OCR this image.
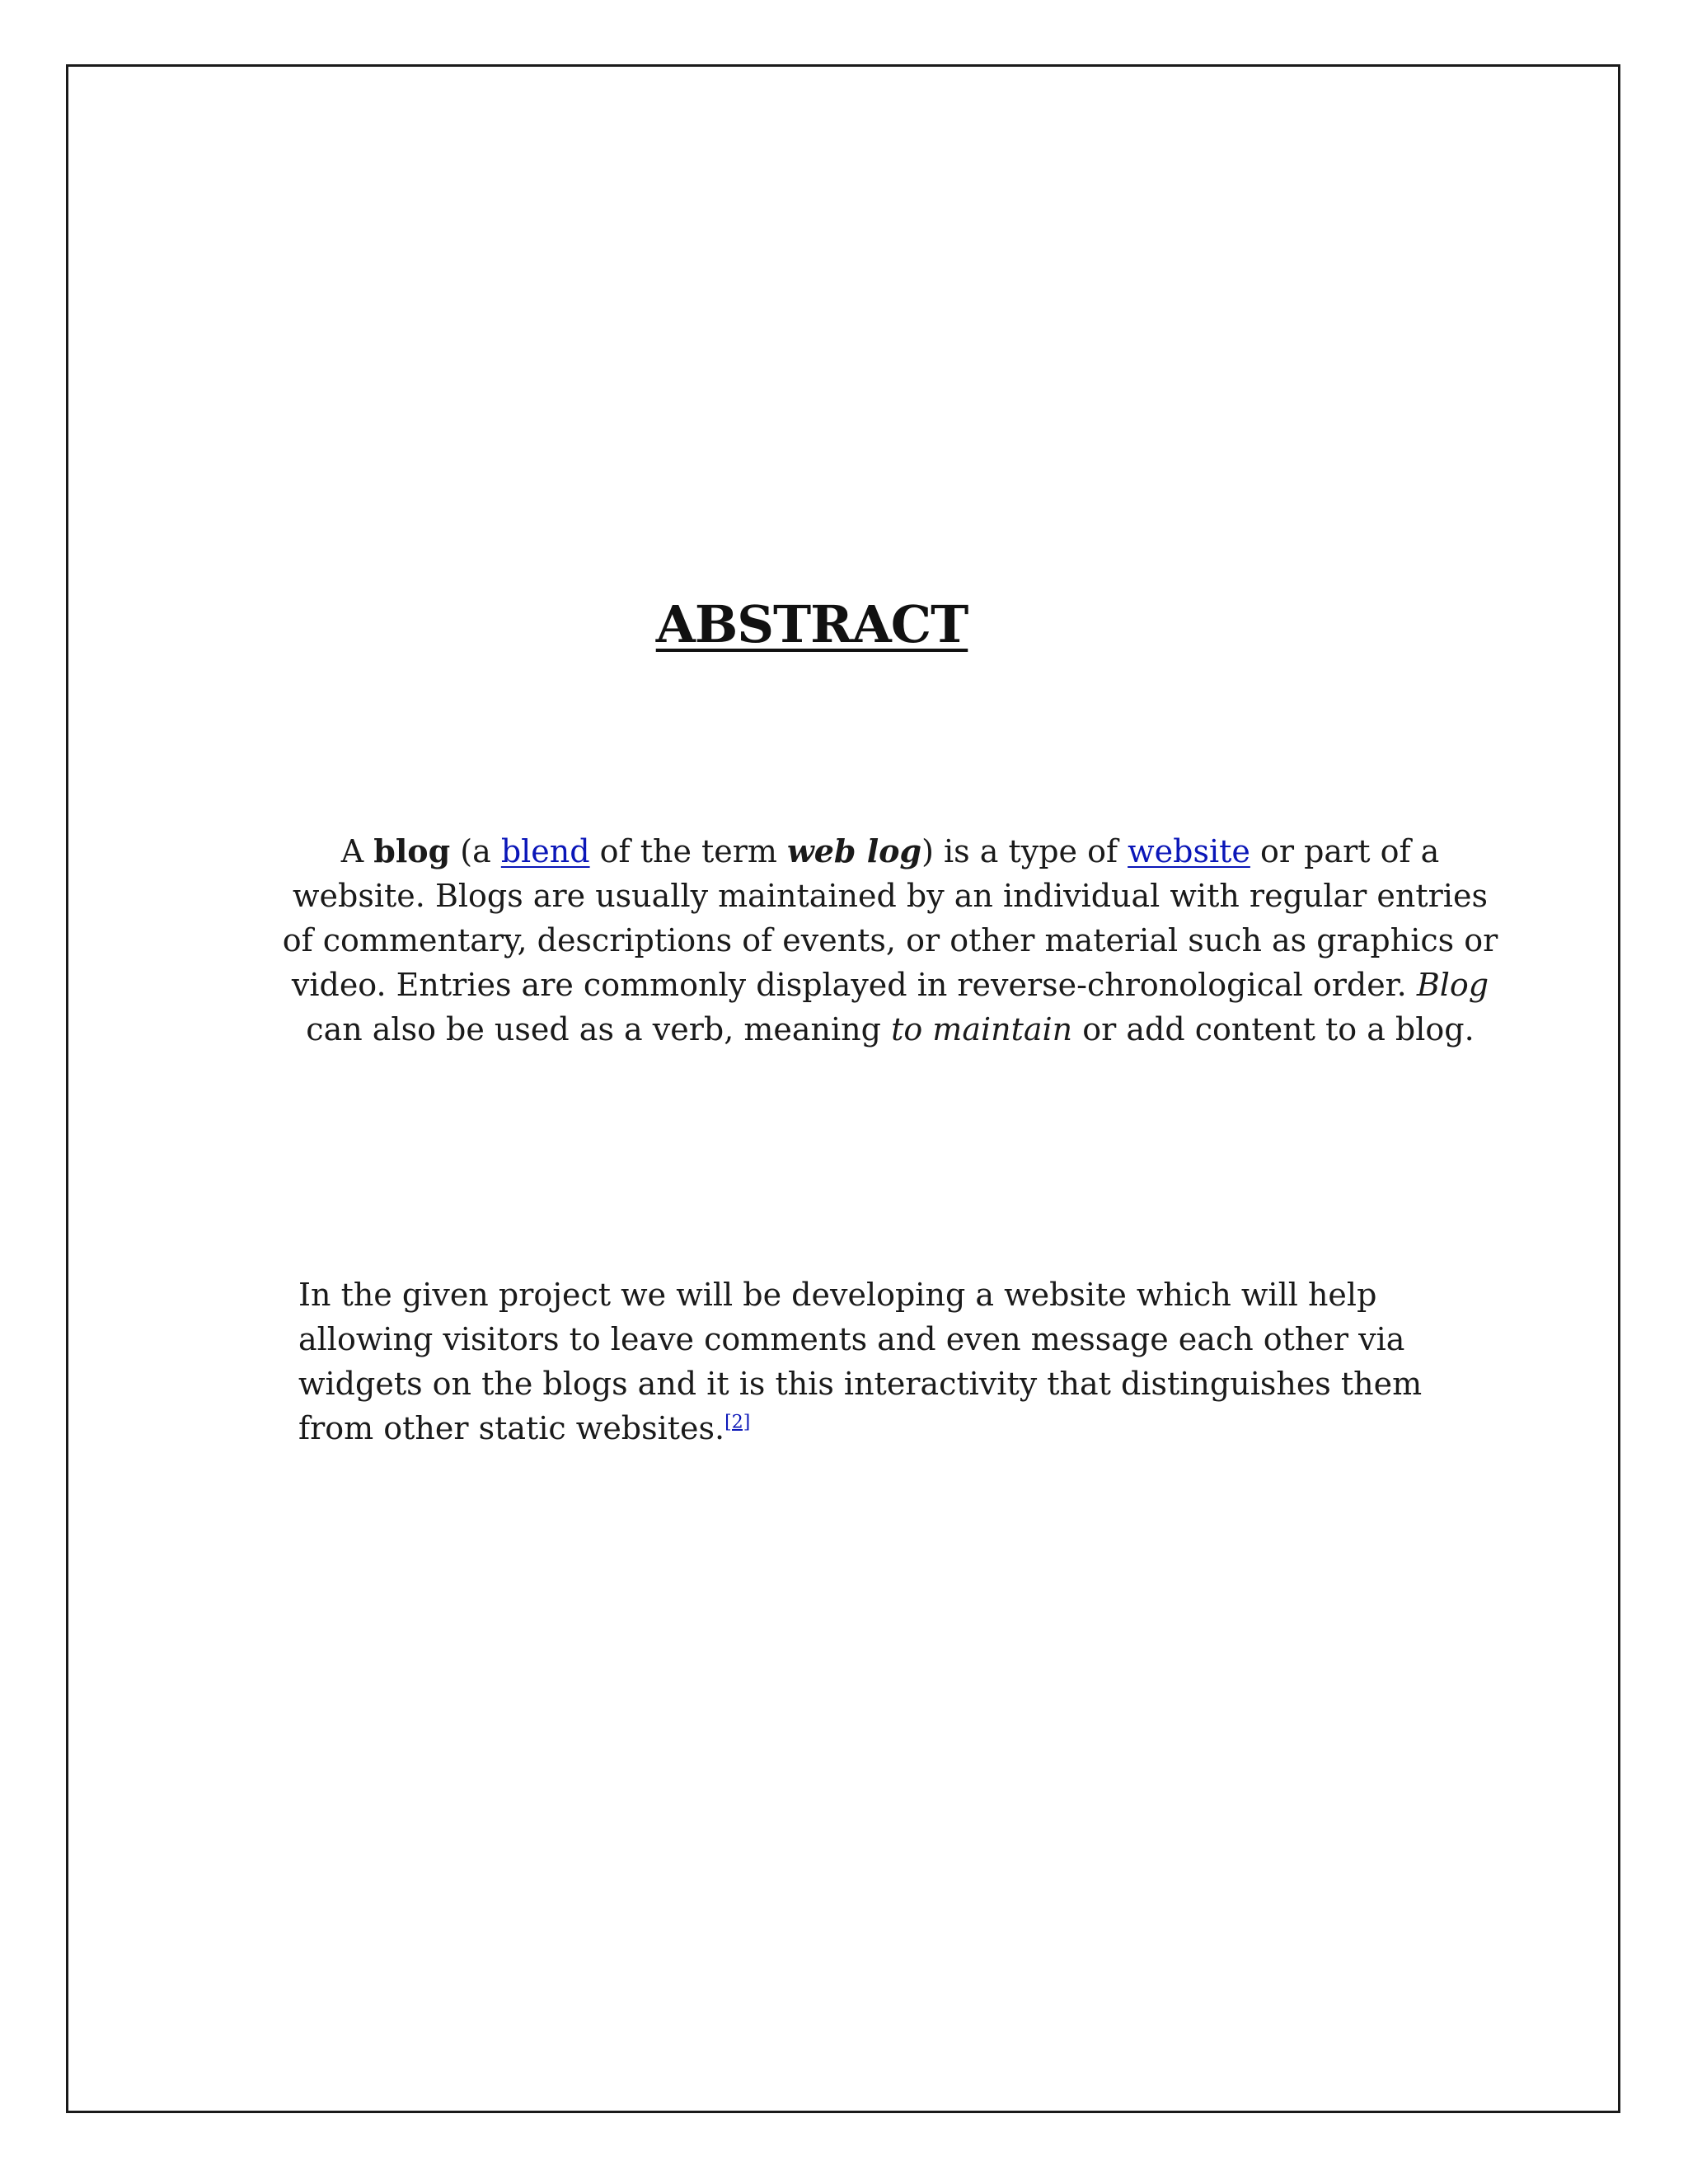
ABSTRACT

A blog (a blend of the term web log) is a type of website or part of a website. Blogs are usually maintained by an individual with regular entries of commentary, descriptions of events, or other material such as graphics or video. Entries are commonly displayed in reverse-chronological order. Blog can also be used as a verb, meaning to maintain or add content to a blog.

In the given project we will be developing a website which will help allowing visitors to leave comments and even message each other via widgets on the blogs and it is this interactivity that distinguishes them from other static websites.[2]
